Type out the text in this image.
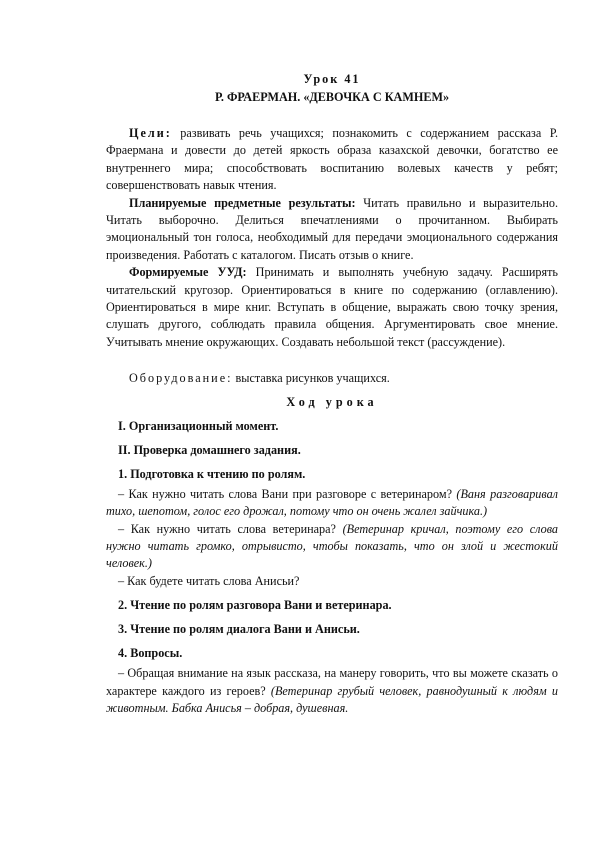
Урок 41
Р. ФРАЕРМАН. «ДЕВОЧКА С КАМНЕМ»

Цели: развивать речь учащихся; познакомить с содержанием рассказа Р. Фраермана и довести до детей яркость образа казахской девочки, богатство ее внутреннего мира; способствовать воспитанию волевых качеств у ребят; совершенствовать навык чтения.

Планируемые предметные результаты: Читать правильно и выразительно. Читать выборочно. Делиться впечатлениями о прочитанном. Выбирать эмоциональный тон голоса, необходимый для передачи эмоционального содержания произведения. Работать с каталогом. Писать отзыв о книге.

Формируемые УУД: Принимать и выполнять учебную задачу. Расширять читательский кругозор. Ориентироваться в книге по содержанию (оглавлению). Ориентироваться в мире книг. Вступать в общение, выражать свою точку зрения, слушать другого, соблюдать правила общения. Аргументировать свое мнение. Учитывать мнение окружающих. Создавать небольшой текст (рассуждение).

Оборудование: выставка рисунков учащихся.

Ход урока

I. Организационный момент.

II. Проверка домашнего задания.

1. Подготовка к чтению по ролям.

– Как нужно читать слова Вани при разговоре с ветеринаром? (Ваня разговаривал тихо, шепотом, голос его дрожал, потому что он очень жалел зайчика.)

– Как нужно читать слова ветеринара? (Ветеринар кричал, поэтому его слова нужно читать громко, отрывисто, чтобы показать, что он злой и жестокий человек.)

– Как будете читать слова Анисьи?

2. Чтение по ролям разговора Вани и ветеринара.

3. Чтение по ролям диалога Вани и Анисьи.

4. Вопросы.

– Обращая внимание на язык рассказа, на манеру говорить, что вы можете сказать о характере каждого из героев? (Ветеринар грубый человек, равнодушный к людям и животным. Бабка Анисья – добрая, душевная.
